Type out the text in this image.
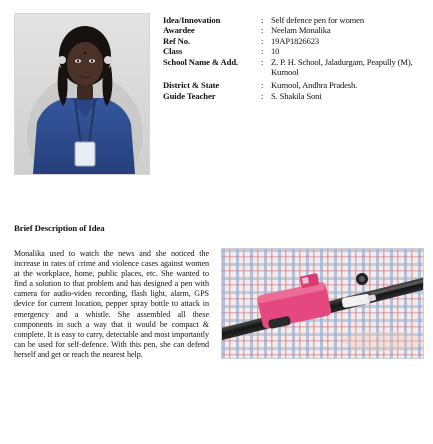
Idea/Innovation	:	Self defence pen for women
Awardee	:	Neelam Monalika
Ref No.	:	19AP1826623
Class	:	10
School Name & Add.	:	Z. P. H. School, Jaladurgam, Peapully (M), Kurnool
District & State	:	Kurnool, Andhra Pradesh.
Guide Teacher	:	S. Shakila Soni
Brief Description of Idea
Monalika used to watch the news and she noticed the increase in rates of crime and violence cases against women at the workplace, home, public places, etc. She wanted to find a solution to that problem and has designed a pen with camera for audio-video recording, flash light, alarm, GPS device for current location, pepper spray bottle to attack in emergency and a whistle. She assembled all these components in such a way that it would be compact & complete. It is easy to carry, detectable and most importantly can be used for self-defence. With this pen, she can defend herself and get or reach the nearest help.
